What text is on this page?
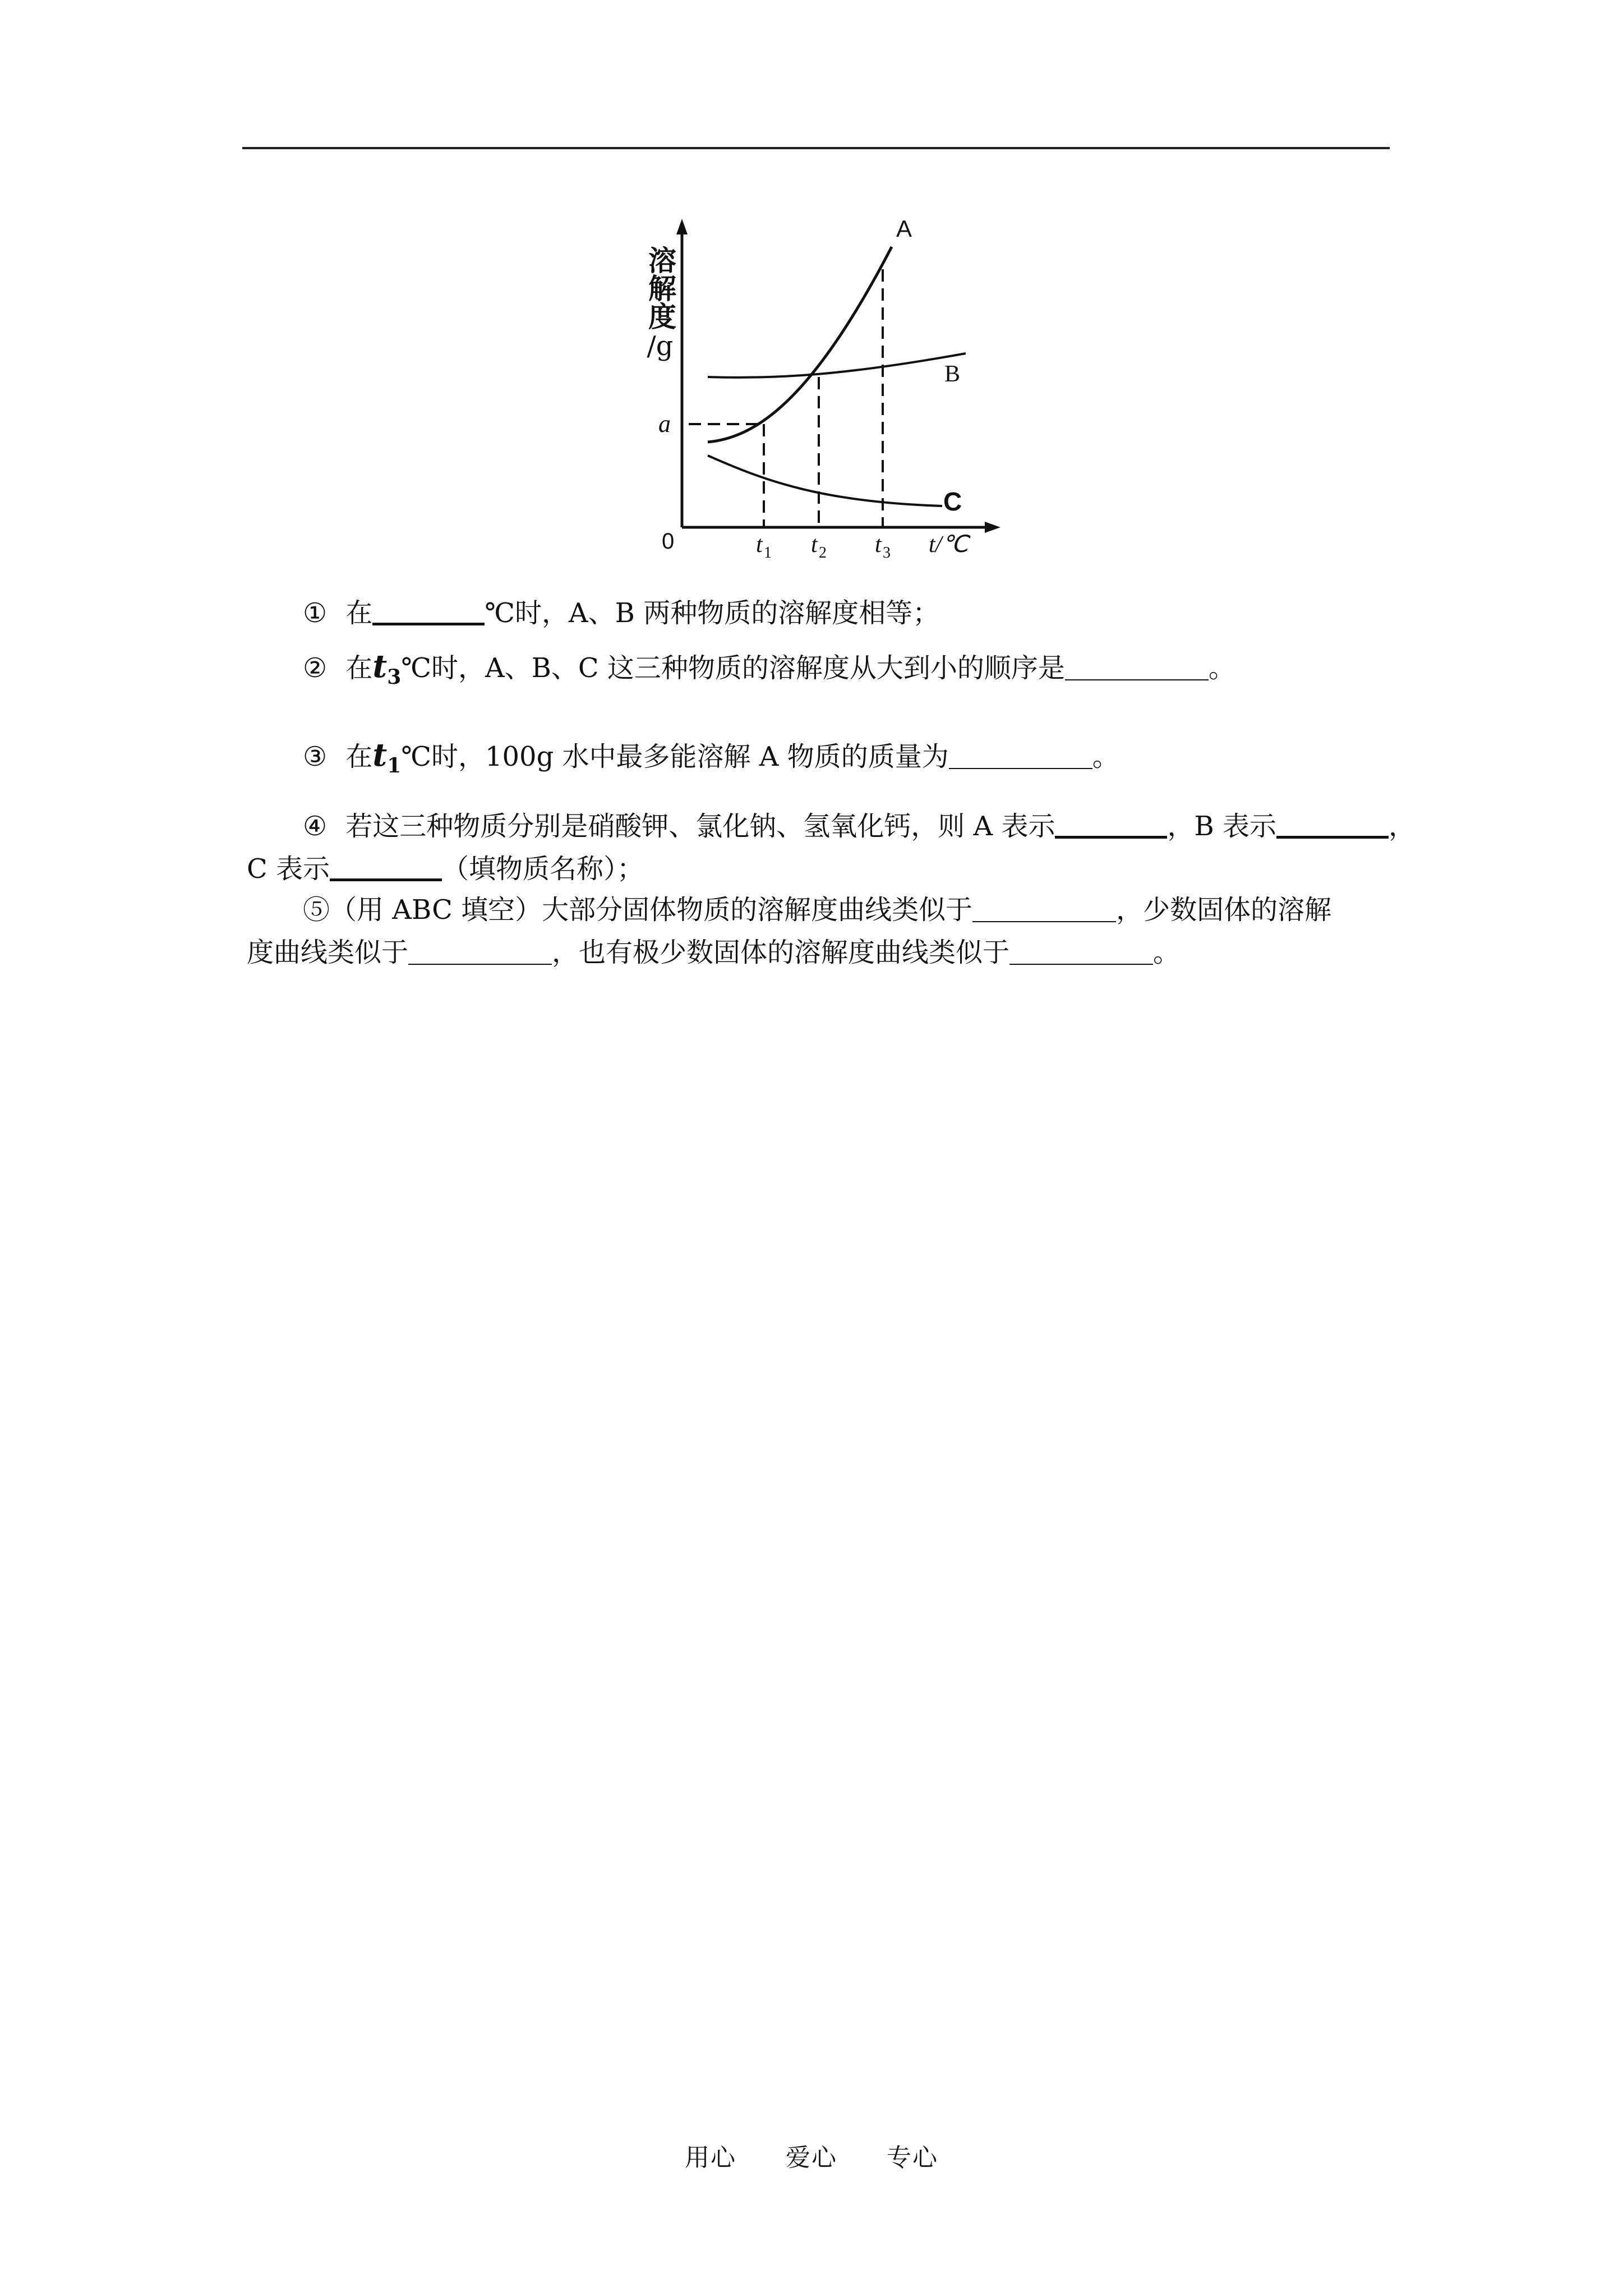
A
B
C
a
0	t 1 t 2 t 3 t/℃
溶解度
/g
① 在	℃时，A、B 两种物质的溶解度相等；
② 在$t_3℃$时，A、B、C 这三种物质的溶解度从大到小的顺序是	。
③ 在$t_1℃$时，100g 水中最多能溶解 A 物质的质量为	。
④ 若这三种物质分别是硝酸钾、氯化钠、氢氧化钙，则 A 表示	，B 表示	，
C 表示	（填物质名称）；
⑤（用 ABC 填空）大部分固体物质的溶解度曲线类似于	，少数固体的溶解
度曲线类似于	，也有极少数固体的溶解度曲线类似于	。
用心 爱心 专心
